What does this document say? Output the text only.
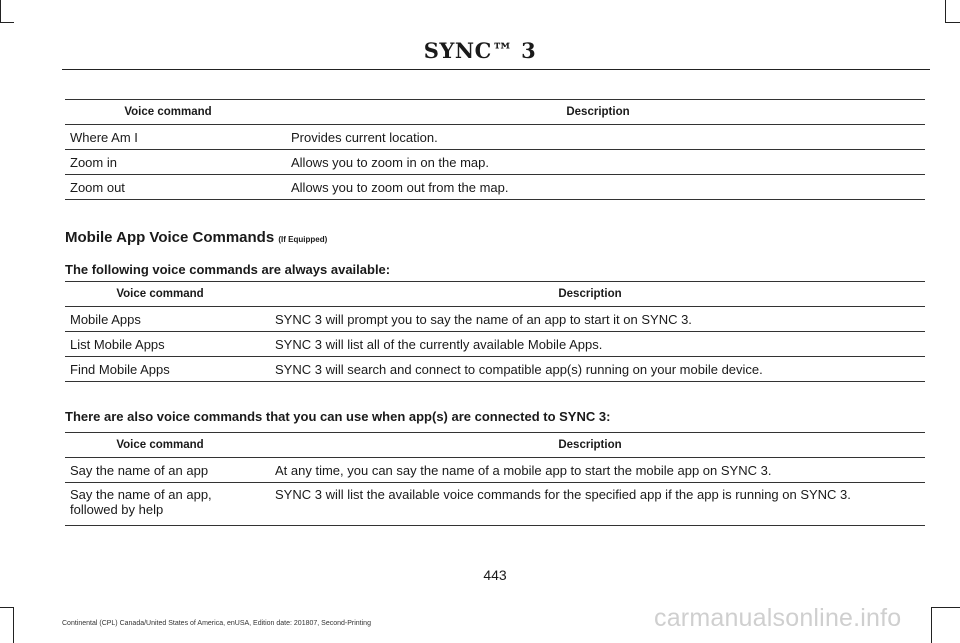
SYNC™ 3
Voice command	Description
Where Am I	Provides current location.
Zoom in	Allows you to zoom in on the map.
Zoom out	Allows you to zoom out from the map.
Mobile App Voice Commands (If Equipped)
The following voice commands are always available:
Voice command	Description
Mobile Apps	SYNC 3 will prompt you to say the name of an app to start it on SYNC 3.
List Mobile Apps	SYNC 3 will list all of the currently available Mobile Apps.
Find Mobile Apps	SYNC 3 will search and connect to compatible app(s) running on your mobile device.
There are also voice commands that you can use when app(s) are connected to SYNC 3:
Voice command	Description
Say the name of an app	At any time, you can say the name of a mobile app to start the mobile app on SYNC 3.
Say the name of an app, followed by help	SYNC 3 will list the available voice commands for the specified app if the app is running on SYNC 3.
443
Continental (CPL) Canada/United States of America, enUSA, Edition date: 201807, Second-Printing	carmanualsonline.info
